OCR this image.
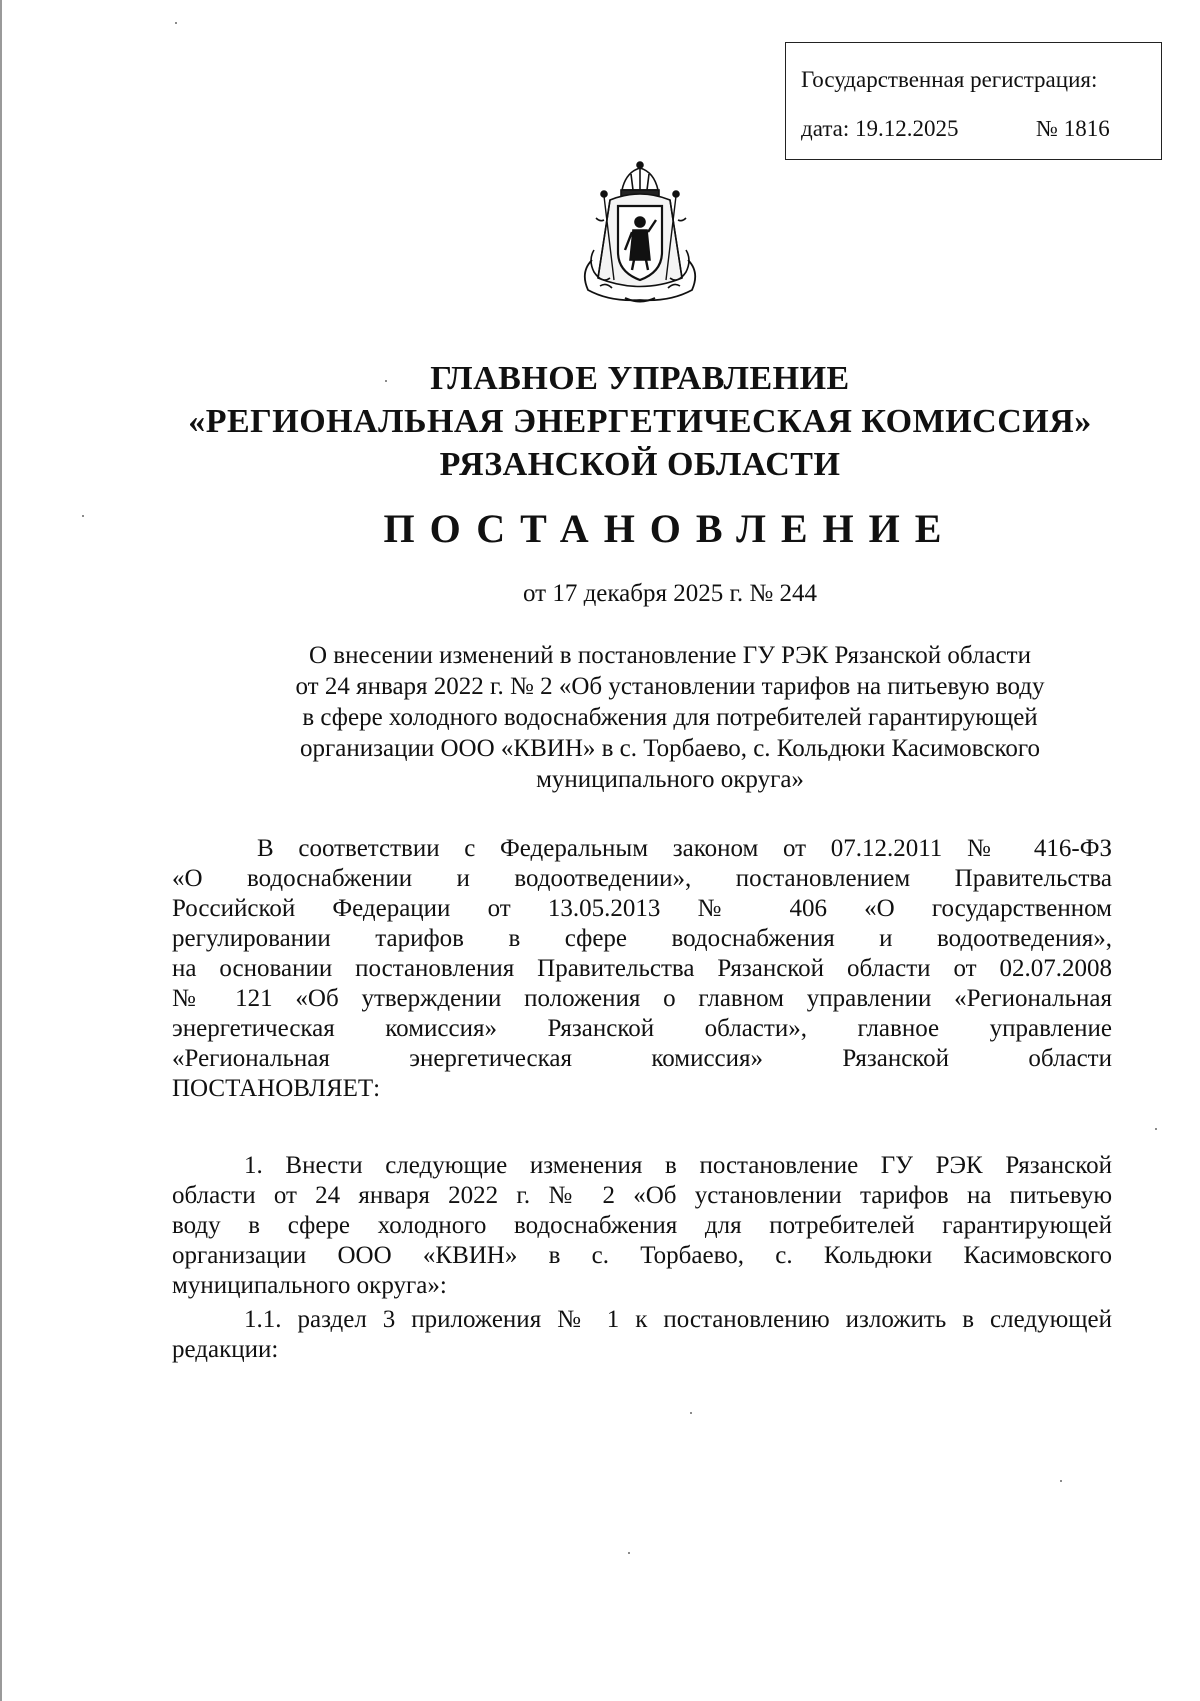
Государственная регистрация:
дата: 19.12.2025	№ 1816
ГЛАВНОЕ УПРАВЛЕНИЕ
«РЕГИОНАЛЬНАЯ ЭНЕРГЕТИЧЕСКАЯ КОМИССИЯ»
РЯЗАНСКОЙ ОБЛАСТИ
ПОСТАНОВЛЕНИЕ
от 17 декабря 2025 г. № 244
О внесении изменений в постановление ГУ РЭК Рязанской области
от 24 января 2022 г. № 2 «Об установлении тарифов на питьевую воду
в сфере холодного водоснабжения для потребителей гарантирующей
организации ООО «КВИН» в с. Торбаево, с. Кольдюки Касимовского
муниципального округа»
В соответствии с Федеральным законом от 07.12.2011 № 416-ФЗ
«О водоснабжении и водоотведении», постановлением Правительства
Российской Федерации от 13.05.2013 № 406 «О государственном
регулировании тарифов в сфере водоснабжения и водоотведения»,
на основании постановления Правительства Рязанской области от 02.07.2008
№ 121 «Об утверждении положения о главном управлении «Региональная
энергетическая комиссия» Рязанской области», главное управление
«Региональная энергетическая комиссия» Рязанской области
ПОСТАНОВЛЯЕТ:
1. Внести следующие изменения в постановление ГУ РЭК Рязанской
области от 24 января 2022 г. № 2 «Об установлении тарифов на питьевую
воду в сфере холодного водоснабжения для потребителей гарантирующей
организации ООО «КВИН» в с. Торбаево, с. Кольдюки Касимовского
муниципального округа»:
1.1. раздел 3 приложения № 1 к постановлению изложить в следующей
редакции:
